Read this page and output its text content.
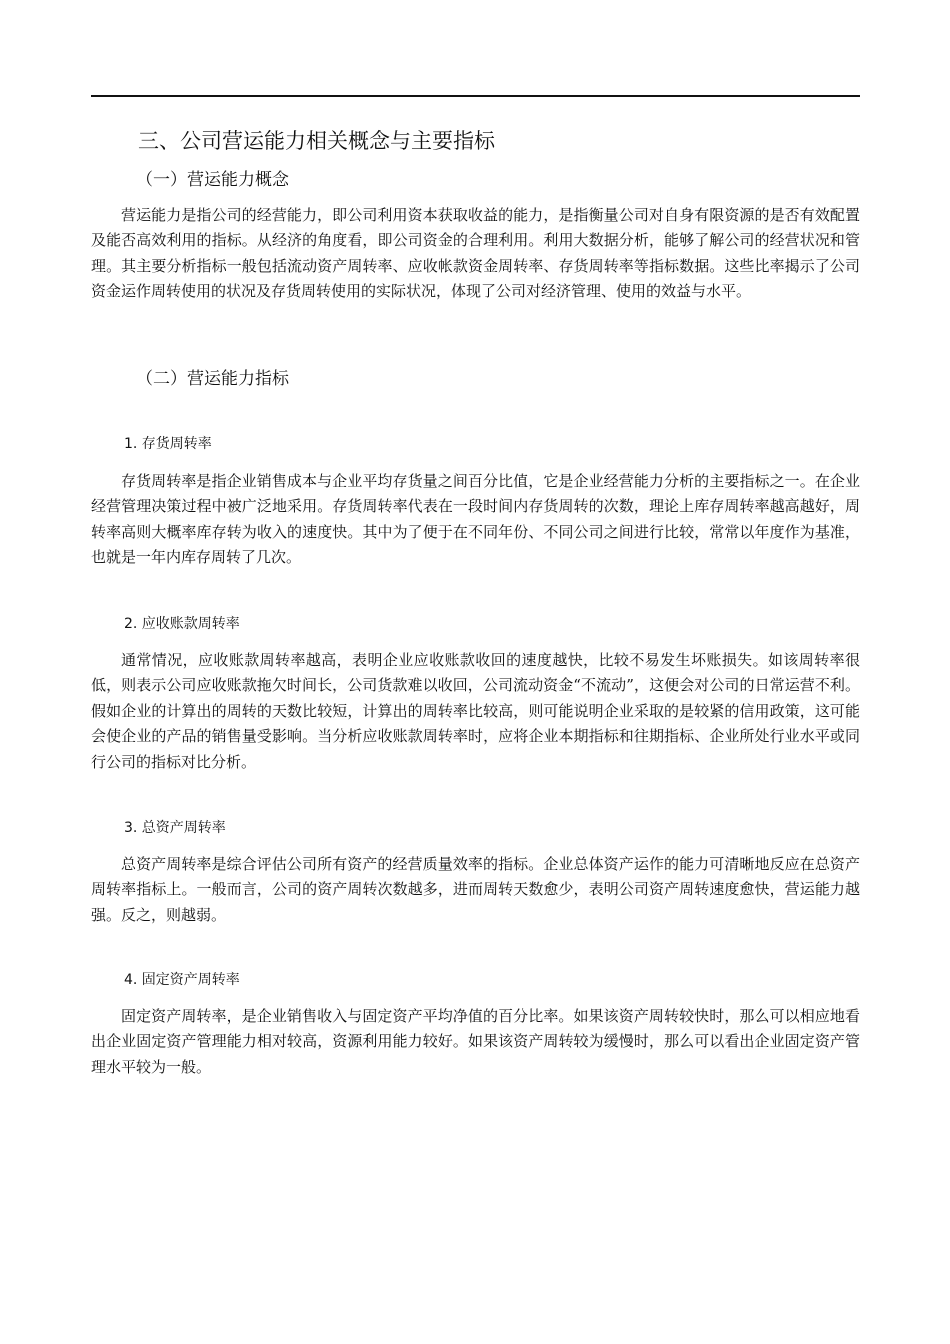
三、公司营运能力相关概念与主要指标
（一）营运能力概念

营运能力是指公司的经营能力，即公司利用资本获取收益的能力，是指衡量公司对自身有限资源的是否有效配置及能否高效利用的指标。从经济的角度看，即公司资金的合理利用。利用大数据分析，能够了解公司的经营状况和管理。其主要分析指标一般包括流动资产周转率、应收帐款资金周转率、存货周转率等指标数据。这些比率揭示了公司资金运作周转使用的状况及存货周转使用的实际状况，体现了公司对经济管理、使用的效益与水平。

（二）营运能力指标
1. 存货周转率

存货周转率是指企业销售成本与企业平均存货量之间百分比值，它是企业经营能力分析的主要指标之一。在企业经营管理决策过程中被广泛地采用。存货周转率代表在一段时间内存货周转的次数，理论上库存周转率越高越好，周转率高则大概率库存转为收入的速度快。其中为了便于在不同年份、不同公司之间进行比较，常常以年度作为基准，也就是一年内库存周转了几次。

2. 应收账款周转率

通常情况，应收账款周转率越高，表明企业应收账款收回的速度越快，比较不易发生坏账损失。如该周转率很低，则表示公司应收账款拖欠时间长，公司货款难以收回，公司流动资金“不流动”，这便会对公司的日常运营不利。假如企业的计算出的周转的天数比较短，计算出的周转率比较高，则可能说明企业采取的是较紧的信用政策，这可能会使企业的产品的销售量受影响。当分析应收账款周转率时，应将企业本期指标和往期指标、企业所处行业水平或同行公司的指标对比分析。

3. 总资产周转率

总资产周转率是综合评估公司所有资产的经营质量效率的指标。企业总体资产运作的能力可清晰地反应在总资产周转率指标上。一般而言，公司的资产周转次数越多，进而周转天数愈少，表明公司资产周转速度愈快，营运能力越强。反之，则越弱。

4. 固定资产周转率

固定资产周转率，是企业销售收入与固定资产平均净值的百分比率。如果该资产周转较快时，那么可以相应地看出企业固定资产管理能力相对较高，资源利用能力较好。如果该资产周转较为缓慢时，那么可以看出企业固定资产管理水平较为一般。
